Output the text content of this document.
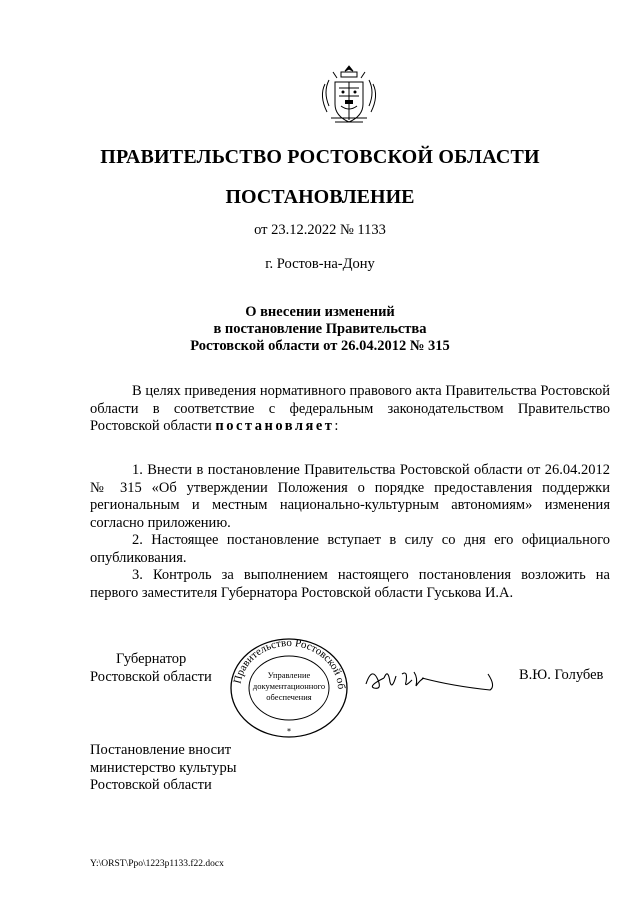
ПРАВИТЕЛЬСТВО РОСТОВСКОЙ ОБЛАСТИ
ПОСТАНОВЛЕНИЕ
от 23.12.2022 № 1133
г. Ростов-на-Дону
О внесении изменений
в постановление Правительства
Ростовской области от 26.04.2012 № 315

В целях приведения нормативного правового акта Правительства Ростовской области в соответствие с федеральным законодательством Правительство Ростовской области постановляет:

1. Внести в постановление Правительства Ростовской области от 26.04.2012 № 315 «Об утверждении Положения о порядке предоставления поддержки региональным и местным национально-культурным автономиям» изменения согласно приложению.

2. Настоящее постановление вступает в силу со дня его официального опубликования.

3. Контроль за выполнением настоящего постановления возложить на первого заместителя Губернатора Ростовской области Гуськова И.А.

Губернатор
Ростовской области	Правительство Ростовской об
Управление
документационного
обеспечения
*
В.Ю. Голубев
Постановление вносит
министерство культуры
Ростовской области
Y:\ORST\Ppo\1223p1133.f22.docx
